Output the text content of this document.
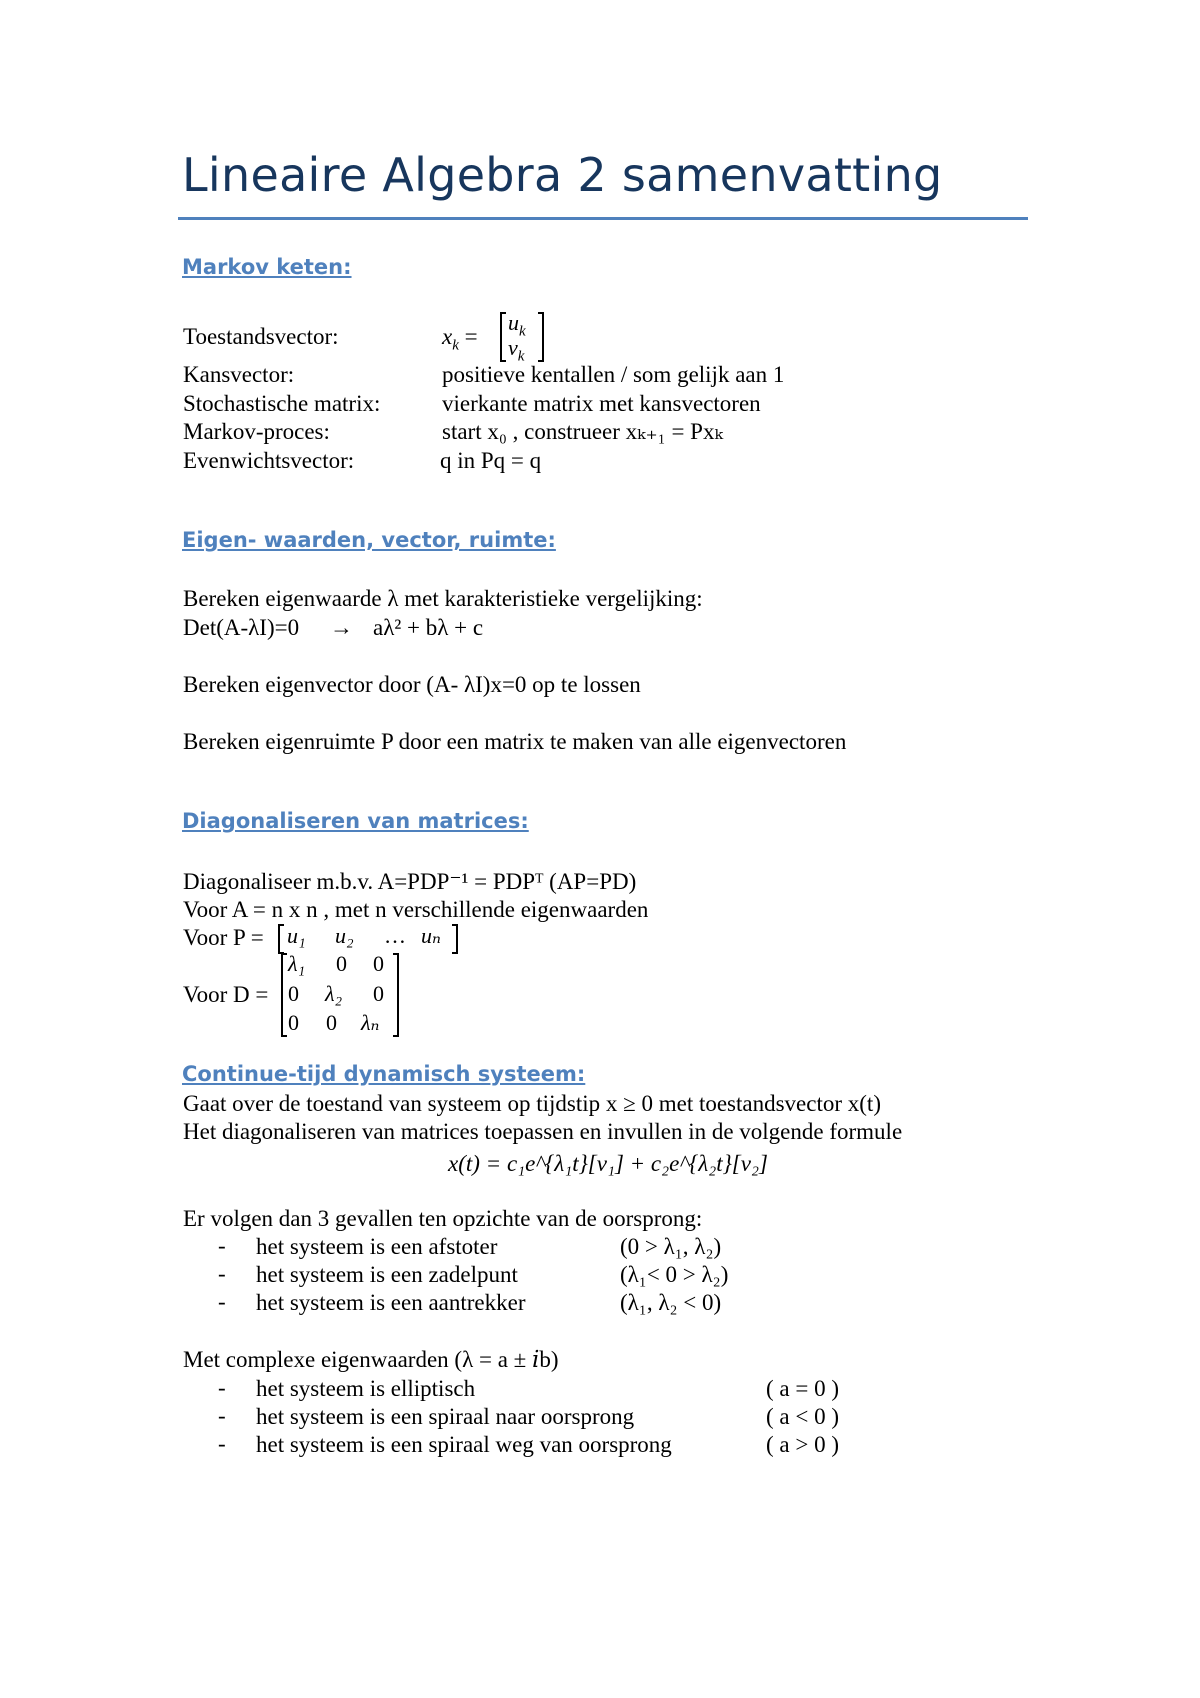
Lineaire Algebra 2 samenvatting
Markov keten:
Toestandsvector:	$x_k$ =
$u_k$
$v_k$
Kansvector:	positieve kentallen / som gelijk aan 1
Stochastische matrix:	vierkante matrix met kansvectoren
Markov-proces:	start x₀ , construeer xₖ₊₁ = Pxₖ
Evenwichtsvector:	q in Pq = q
Eigen- waarden, vector, ruimte:
Bereken eigenwaarde λ met karakteristieke vergelijking:
Det(A-λI)=0 → aλ² + bλ + c
Bereken eigenvector door (A- λI)x=0 op te lossen
Bereken eigenruimte P door een matrix te maken van alle eigenvectoren
Diagonaliseren van matrices:
Diagonaliseer m.b.v. A=PDP⁻¹ = PDPᵀ (AP=PD)
Voor A = n x n , met n verschillende eigenwaarden
Voor P = u₁ u₂ … uₙ
Voor D =
λ₁ 0 0
0 λ₂ 0
0 0 λₙ
Continue-tijd dynamisch systeem:
Gaat over de toestand van systeem op tijdstip x ≥ 0 met toestandsvector x(t)
Het diagonaliseren van matrices toepassen en invullen in de volgende formule
x(t) = c₁e^{λ₁t}[v₁] + c₂e^{λ₂t}[v₂]
Er volgen dan 3 gevallen ten opzichte van de oorsprong:
- het systeem is een afstoter	(0 > λ₁, λ₂)
- het systeem is een zadelpunt	(λ₁< 0 > λ₂)
- het systeem is een aantrekker	(λ₁, λ₂ < 0)
Met complexe eigenwaarden (λ = a ± 𝑖b)
- het systeem is elliptisch	( a = 0 )
- het systeem is een spiraal naar oorsprong	( a < 0 )
- het systeem is een spiraal weg van oorsprong	( a > 0 )
